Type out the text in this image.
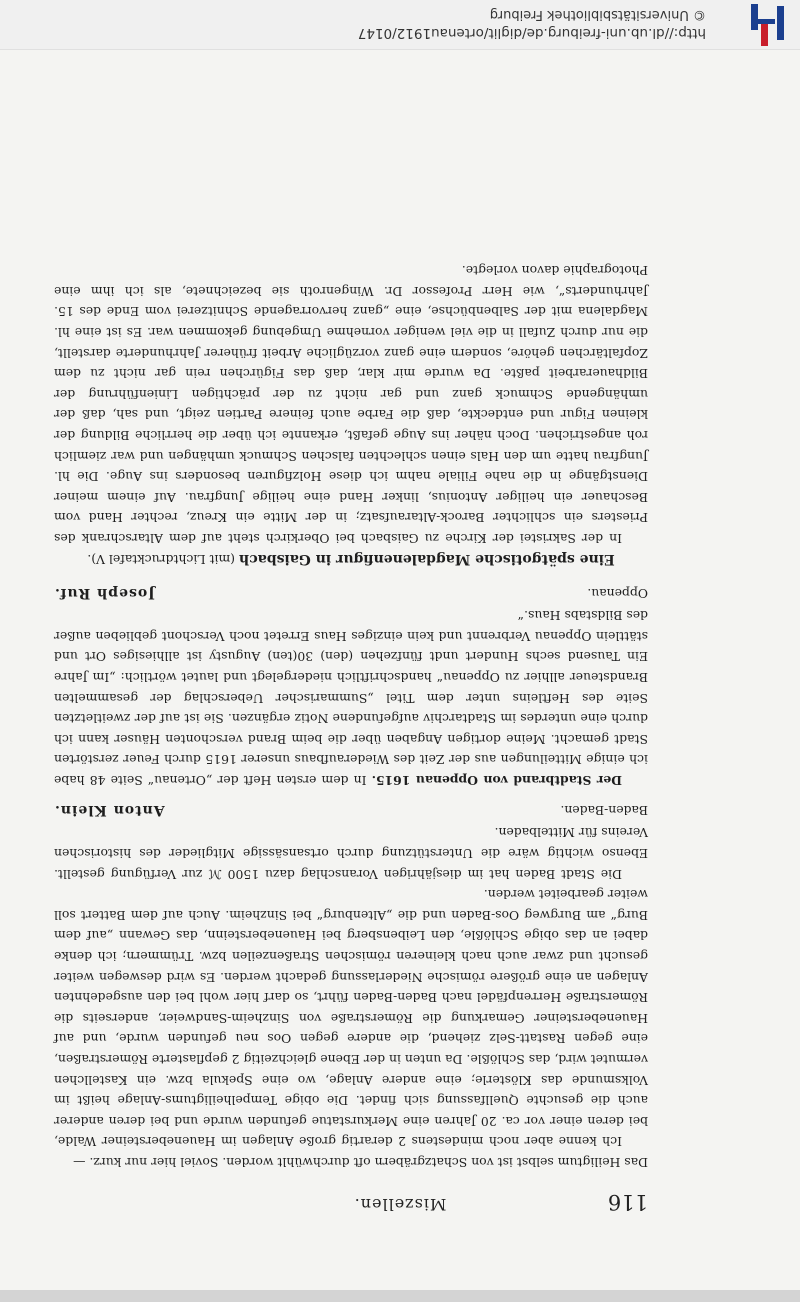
116
Miszellen.

Das Heiligtum selbst ist von Schatzgräbern oft durchwühlt worden. Soviel hier nur kurz. —

Ich kenne aber noch mindestens 2 derartig große Anlagen im Hauenebersteiner Walde, bei deren einer vor ca. 20 Jahren eine Merkurstatue gefunden wurde und bei deren anderer auch die gesuchte Quellfassung sich findet. Die obige Tempelheiligtums-Anlage heißt im Volksmunde das Klösterle; eine andere Anlage, wo eine Spekula bzw. ein Kastellchen vermutet wird, das Schlößle. Da unten in der Ebene gleichzeitig 2 gepflasterte Römerstraßen, eine gegen Rastatt-Selz ziehend, die andere gegen Oos neu gefunden wurde, und auf Hauenebersteiner Gemarkung die Römerstraße von Sinzheim-Sandweier, anderseits die Römerstraße Herrenpfädel nach Baden-Baden führt, so darf hier wohl bei den ausgedehnten Anlagen an eine größere römische Niederlassung gedacht werden. Es wird deswegen weiter gesucht und zwar auch nach kleineren römischen Straßenzeilen bzw. Trümmern; ich denke dabei an das obige Schlößle, den Leibensberg bei Hauenebersteinn, das Gewann „auf dem Burg“ am Burgweg Oos-Baden und die „Altenburg“ bei Sinzheim. Auch auf dem Battert soll weiter gearbeitet werden.

Die Stadt Baden hat im diesjährigen Voranschlag dazu 1500 ℳ zur Verfügung gestellt. Ebenso wichtig wäre die Unterstützung durch ortsansässige Mitglieder des historischen Vereins für Mittelbaden.

Baden-Baden.
Anton Klein.

Der Stadtbrand von Oppenau 1615. In dem ersten Heft der „Ortenau“ Seite 48 habe ich einige Mitteilungen aus der Zeit des Wiederaufbaus unserer 1615 durch Feuer zerstörten Stadt gemacht. Meine dortigen Angaben über die beim Brand verschonten Häuser kann ich durch eine unterdes im Stadtarchiv aufgefundene Notiz ergänzen. Sie ist auf der zweitletzten Seite des Heftleins unter dem Titel „Summarischer Ueberschlag der gesammelten Brandsteuer allhier zu Oppenau“ handschriftlich niedergelegt und lautet wörtlich: „Im Jahre Ein Tausend sechs Hundert undt fünfzehen (den) 30(ten) Augusty ist allhiesiges Ort und stättlein Oppenau Verbrennt und kein einziges Haus Erretet noch Verschont geblieben außer des Bildstabs Haus.“

Oppenau.
Joseph Ruf.

Eine spätgotische Magdalenenfigur in Gaisbach (mit Lichtdrucktafel V).

In der Sakristei der Kirche zu Gaisbach bei Oberkirch steht auf dem Altarschrank des Priesters ein schlichter Barock-Altaraufsatz; in der Mitte ein Kreuz, rechter Hand vom Beschauer ein heiliger Antonius, linker Hand eine heilige Jungfrau. Auf einem meiner Dienstgänge in die nahe Filiale nahm ich diese Holzfiguren besonders ins Auge. Die hl. Jungfrau hatte um den Hals einen schlechten falschen Schmuck umhängen und war ziemlich roh angestrichen. Doch näher ins Auge gefaßt, erkannte ich über die herrliche Bildung der kleinen Figur und entdeckte, daß die Farbe auch feinere Partien zeigt, und sah, daß der umhängende Schmuck ganz und gar nicht zu der prächtigen Linienführung der Bildhauerarbeit paßte. Da wurde mir klar, daß das Figürchen rein gar nicht zu dem Zopfaltärchen gehöre, sondern eine ganz vorzügliche Arbeit früherer Jahrhunderte darstellt, die nur durch Zufall in die viel weniger vornehme Umgebung gekommen war. Es ist eine hl. Magdalena mit der Salbenbüchse, eine „ganz hervorragende Schnitzerei vom Ende des 15. Jahrhunderts“, wie Herr Professor Dr. Wingenroth sie bezeichnete, als ich ihm eine Photographie davon vorlegte.

http://dl.ub.uni-freiburg.de/diglit/ortenau1912/0147
© Universitätsbibliothek Freiburg
